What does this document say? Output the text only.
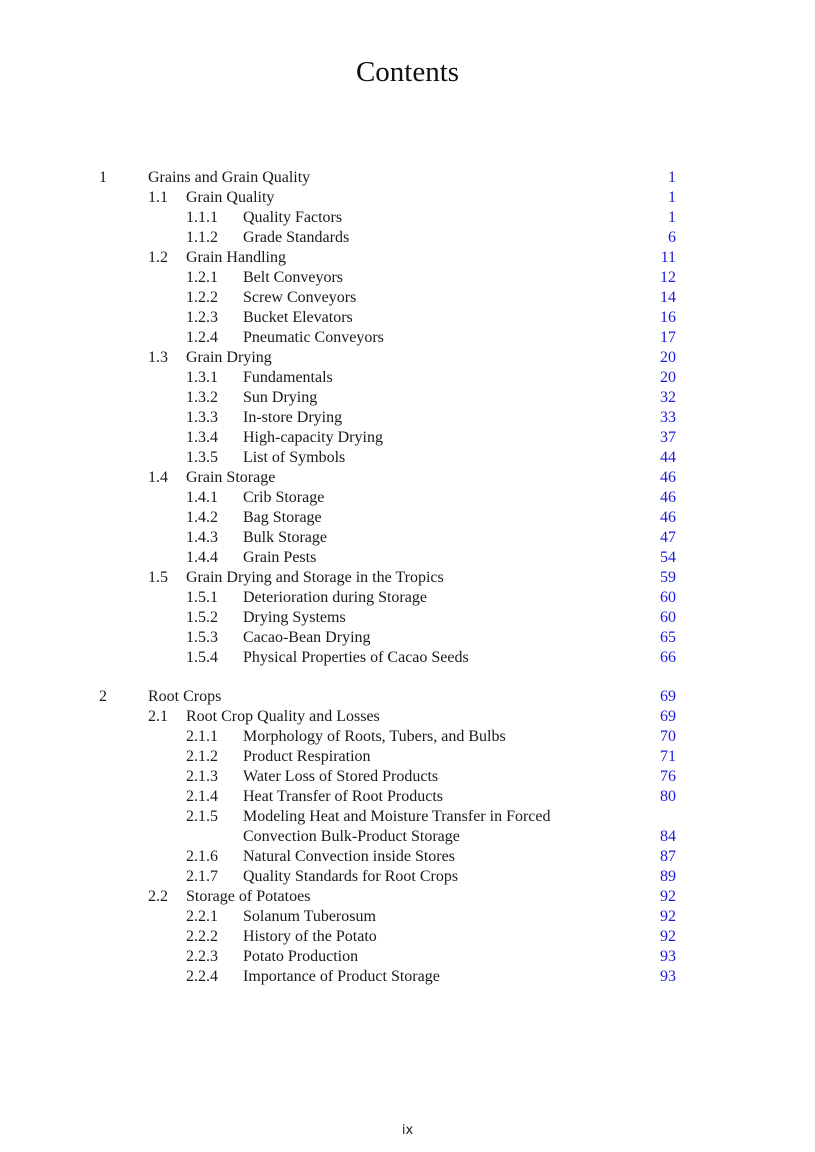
Contents
1	Grains and Grain Quality	1
1.1 Grain Quality	1
1.1.1 Quality Factors	1
1.1.2 Grade Standards	6
1.2 Grain Handling	11
1.2.1 Belt Conveyors	12
1.2.2 Screw Conveyors	14
1.2.3 Bucket Elevators	16
1.2.4 Pneumatic Conveyors	17
1.3 Grain Drying	20
1.3.1 Fundamentals	20
1.3.2 Sun Drying	32
1.3.3 In-store Drying	33
1.3.4 High-capacity Drying	37
1.3.5 List of Symbols	44
1.4 Grain Storage	46
1.4.1 Crib Storage	46
1.4.2 Bag Storage	46
1.4.3 Bulk Storage	47
1.4.4 Grain Pests	54
1.5 Grain Drying and Storage in the Tropics	59
1.5.1 Deterioration during Storage	60
1.5.2 Drying Systems	60
1.5.3 Cacao-Bean Drying	65
1.5.4 Physical Properties of Cacao Seeds	66
2	Root Crops	69
2.1 Root Crop Quality and Losses	69
2.1.1 Morphology of Roots, Tubers, and Bulbs	70
2.1.2 Product Respiration	71
2.1.3 Water Loss of Stored Products	76
2.1.4 Heat Transfer of Root Products	80
2.1.5 Modeling Heat and Moisture Transfer in Forced
Convection Bulk-Product Storage	84
2.1.6 Natural Convection inside Stores	87
2.1.7 Quality Standards for Root Crops	89
2.2 Storage of Potatoes	92
2.2.1 Solanum Tuberosum	92
2.2.2 History of the Potato	92
2.2.3 Potato Production	93
2.2.4 Importance of Product Storage	93
ix
